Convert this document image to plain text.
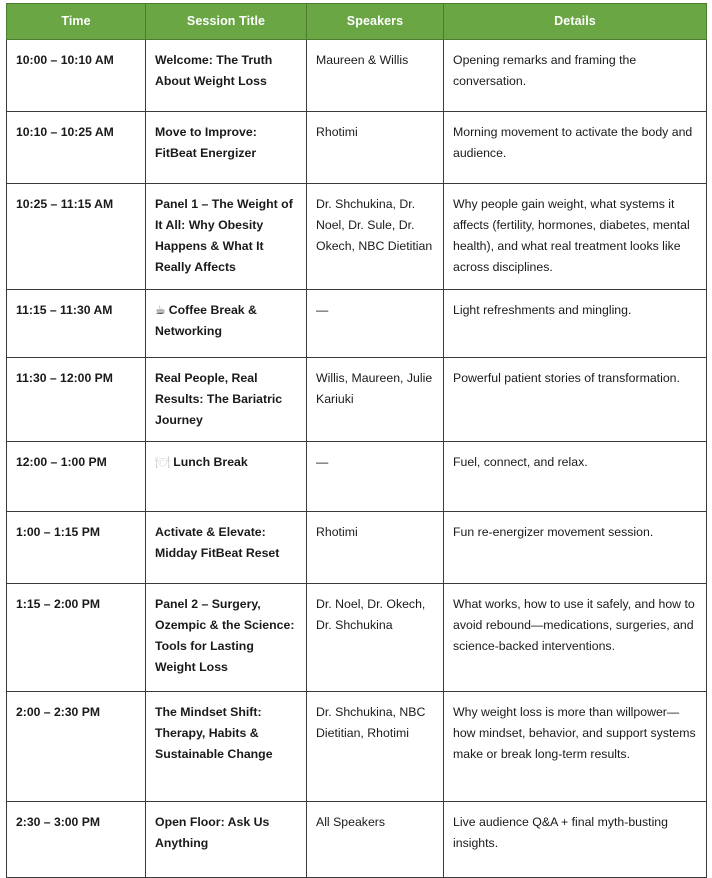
Time	Session Title	Speakers	Details
10:00 – 10:10 AM	Welcome: The Truth About Weight Loss	Maureen & Willis	Opening remarks and framing the conversation.
10:10 – 10:25 AM	Move to Improve: FitBeat Energizer	Rhotimi	Morning movement to activate the body and audience.
10:25 – 11:15 AM	Panel 1 – The Weight of It All: Why Obesity Happens & What It Really Affects	Dr. Shchukina, Dr. Noel, Dr. Sule, Dr. Okech, NBC Dietitian	Why people gain weight, what systems it affects (fertility, hormones, diabetes, mental health), and what real treatment looks like across disciplines.
11:15 – 11:30 AM	☕ Coffee Break & Networking	—	Light refreshments and mingling.
11:30 – 12:00 PM	Real People, Real Results: The Bariatric Journey	Willis, Maureen, Julie Kariuki	Powerful patient stories of transformation.
12:00 – 1:00 PM	🍽 Lunch Break	—	Fuel, connect, and relax.
1:00 – 1:15 PM	Activate & Elevate: Midday FitBeat Reset	Rhotimi	Fun re-energizer movement session.
1:15 – 2:00 PM	Panel 2 – Surgery, Ozempic & the Science: Tools for Lasting Weight Loss	Dr. Noel, Dr. Okech, Dr. Shchukina	What works, how to use it safely, and how to avoid rebound—medications, surgeries, and science-backed interventions.
2:00 – 2:30 PM	The Mindset Shift: Therapy, Habits & Sustainable Change	Dr. Shchukina, NBC Dietitian, Rhotimi	Why weight loss is more than willpower—how mindset, behavior, and support systems make or break long-term results.
2:30 – 3:00 PM	Open Floor: Ask Us Anything	All Speakers	Live audience Q&A + final myth-busting insights.
